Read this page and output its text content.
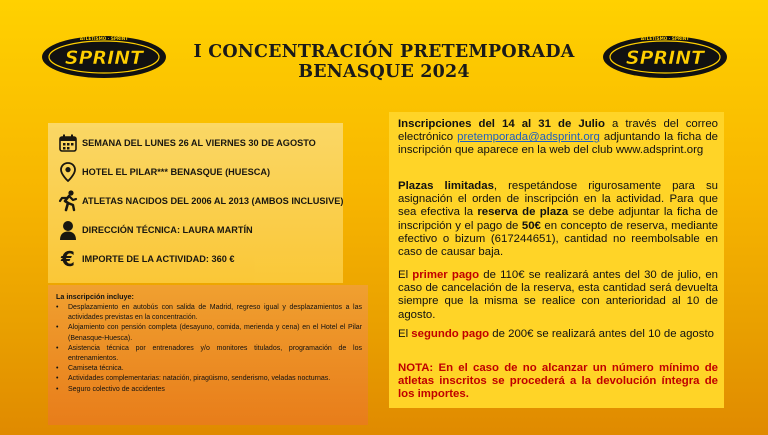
ATLETISMO · SPRINT
SPRINT
ATLETISMO · SPRINT
SPRINT
I CONCENTRACIÓN PRETEMPORADA
BENASQUE 2024
SEMANA DEL LUNES 26 AL VIERNES 30 DE AGOSTO
HOTEL EL PILAR*** BENASQUE (HUESCA)
ATLETAS NACIDOS DEL 2006 AL 2013 (AMBOS INCLUSIVE)
DIRECCIÓN TÉCNICA: LAURA MARTÍN
€ IMPORTE DE LA ACTIVIDAD: 360 €
La inscripción incluye:
• Desplazamiento en autobús con salida de Madrid, regreso igual y desplazamientos a las actividades previstas en la concentración.
• Alojamiento con pensión completa (desayuno, comida, merienda y cena) en el Hotel el Pilar (Benasque-Huesca).
• Asistencia técnica por entrenadores y/o monitores titulados, programación de los entrenamientos.
• Camiseta técnica.
• Actividades complementarias: natación, piragüismo, senderismo, veladas nocturnas.
• Seguro colectivo de accidentes
Inscripciones del 14 al 31 de Julio a través del correo electrónico pretemporada@adsprint.org adjuntando la ficha de inscripción que aparece en la web del club www.adsprint.org
Plazas limitadas, respetándose rigurosamente para su asignación el orden de inscripción en la actividad. Para que sea efectiva la reserva de plaza se debe adjuntar la ficha de inscripción y el pago de 50€ en concepto de reserva, mediante efectivo o bizum (617244651), cantidad no reembolsable en caso de causar baja.
El primer pago de 110€ se realizará antes del 30 de julio, en caso de cancelación de la reserva, esta cantidad será devuelta siempre que la misma se realice con anterioridad al 10 de agosto.
El segundo pago de 200€ se realizará antes del 10 de agosto
NOTA: En el caso de no alcanzar un número mínimo de atletas inscritos se procederá a la devolución íntegra de los importes.
